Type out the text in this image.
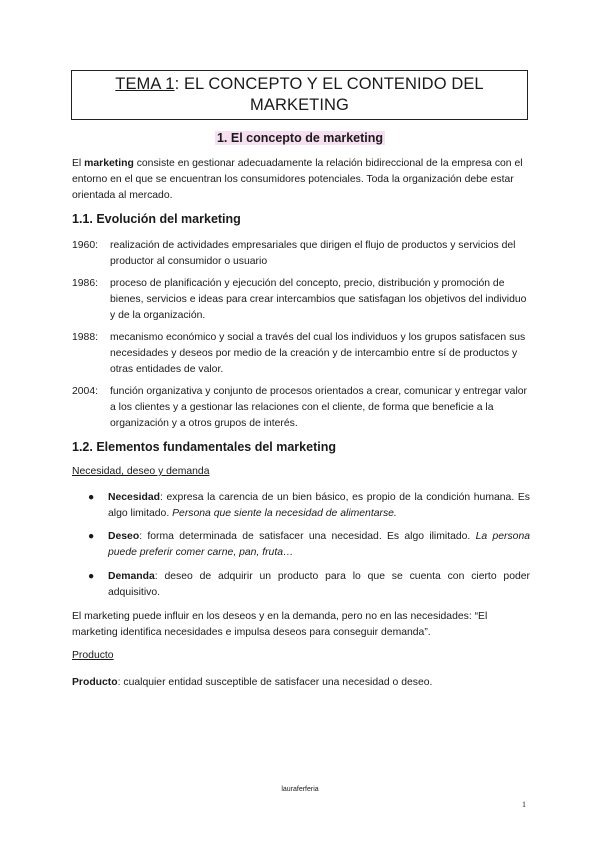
TEMA 1: EL CONCEPTO Y EL CONTENIDO DEL
MARKETING
1. El concepto de marketing
El marketing consiste en gestionar adecuadamente la relación bidireccional de la empresa con el entorno en el que se encuentran los consumidores potenciales. Toda la organización debe estar orientada al mercado.
1.1. Evolución del marketing
1960:	realización de actividades empresariales que dirigen el flujo de productos y servicios del productor al consumidor o usuario
1986:	proceso de planificación y ejecución del concepto, precio, distribución y promoción de bienes, servicios e ideas para crear intercambios que satisfagan los objetivos del individuo y de la organización.
1988:	mecanismo económico y social a través del cual los individuos y los grupos satisfacen sus necesidades y deseos por medio de la creación y de intercambio entre sí de productos y otras entidades de valor.
2004:	función organizativa y conjunto de procesos orientados a crear, comunicar y entregar valor a los clientes y a gestionar las relaciones con el cliente, de forma que beneficie a la organización y a otros grupos de interés.
1.2. Elementos fundamentales del marketing
Necesidad, deseo y demanda
● Necesidad: expresa la carencia de un bien básico, es propio de la condición humana. Es algo limitado. Persona que siente la necesidad de alimentarse.
● Deseo: forma determinada de satisfacer una necesidad. Es algo ilimitado. La persona puede preferir comer carne, pan, fruta…
● Demanda: deseo de adquirir un producto para lo que se cuenta con cierto poder adquisitivo.
El marketing puede influir en los deseos y en la demanda, pero no en las necesidades: “El marketing identifica necesidades e impulsa deseos para conseguir demanda”.
Producto
Producto: cualquier entidad susceptible de satisfacer una necesidad o deseo.
lauraferferia
1
